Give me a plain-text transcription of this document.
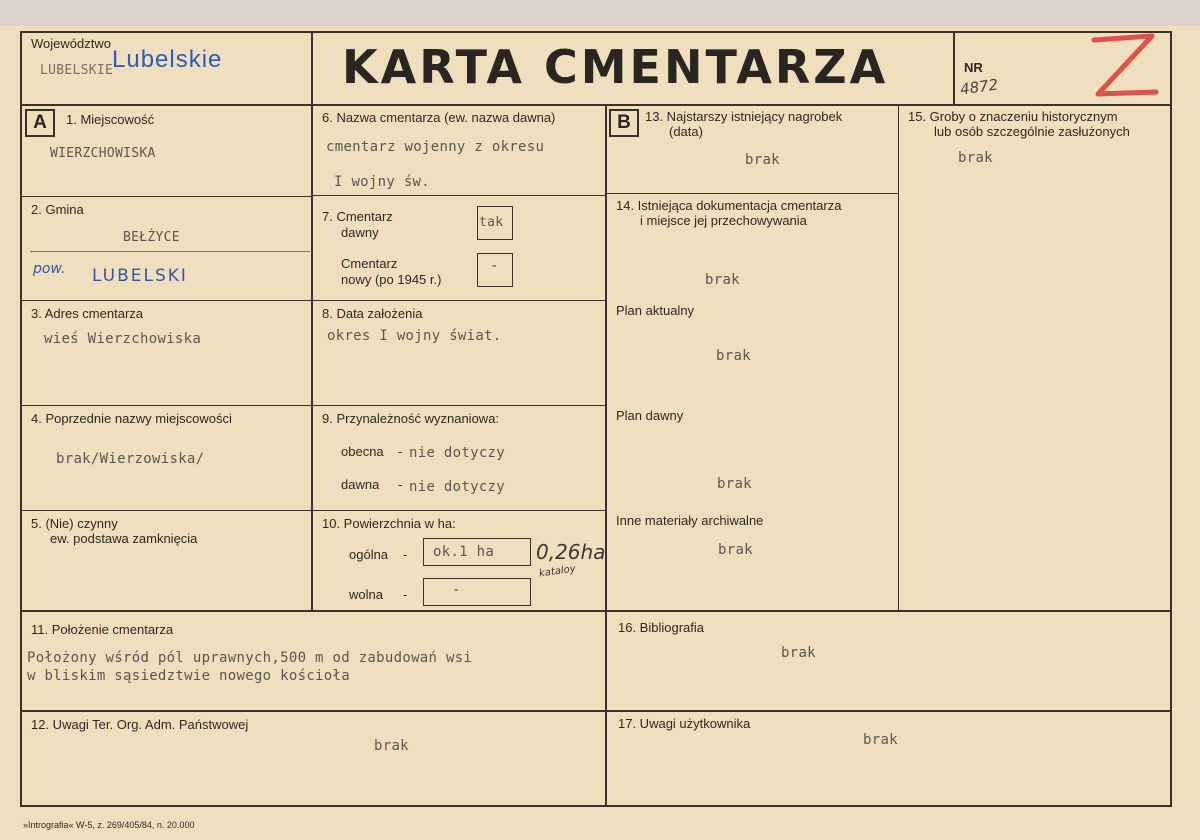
Województwo
LUBELSKIE
Lubelskie	KARTA CMENTARZA	NR
4872
A	B
1. Miejscowość
WIERZCHOWISKA
2. Gmina
BEŁŻYCE
pow. LUBELSKI
3. Adres cmentarza
wieś Wierzchowiska
4. Poprzednie nazwy miejscowości
brak/Wierzowiska/
5. (Nie) czynny
ew. podstawa zamknięcia
6. Nazwa cmentarza (ew. nazwa dawna)
cmentarz wojenny z okresu
I wojny św.
7. Cmentarz
dawny
tak
Cmentarz
nowy (po 1945 r.)
-
8. Data założenia
okres I wojny świat.
9. Przynależność wyznaniowa:
obecna - nie dotyczy
dawna - nie dotyczy
10. Powierzchnia w ha:
ogólna - ok.1 ha 0,26ha
kataloy
wolna -	-
11. Położenie cmentarza
Położony wśród pól uprawnych,500 m od zabudowań wsi
w bliskim sąsiedztwie nowego kościoła
12. Uwagi Ter. Org. Adm. Państwowej
brak
13. Najstarszy istniejący nagrobek
(data)
brak
14. Istniejąca dokumentacja cmentarza
i miejsce jej przechowywania
brak
Plan aktualny
brak
Plan dawny
brak
Inne materiały archiwalne
brak
15. Groby o znaczeniu historycznym
lub osób szczególnie zasłużonych
brak
16. Bibliografia
brak
17. Uwagi użytkownika
brak
»Intrografia« W-5, z. 269/405/84, n. 20.000
